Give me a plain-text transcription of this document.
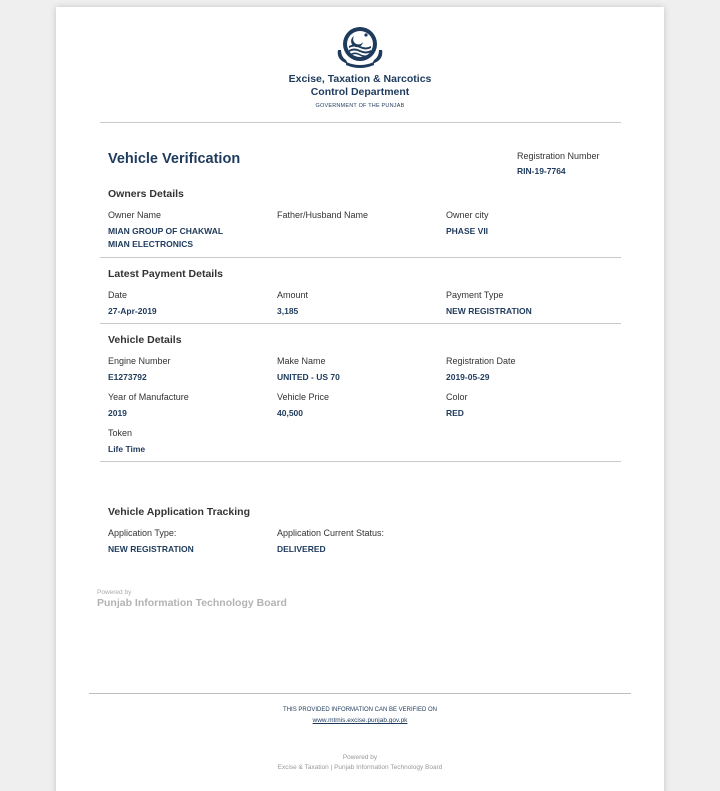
Excise, Taxation & Narcotics
Control Department
GOVERNMENT OF THE PUNJAB
Vehicle Verification	Registration Number
RIN-19-7764
Owners Details
Owner Name
MIAN GROUP OF CHAKWAL
MIAN ELECTRONICS
Father/Husband Name	Owner city
PHASE VII
Latest Payment Details
Date
27-Apr-2019
Amount
3,185
Payment Type
NEW REGISTRATION
Vehicle Details
Engine Number
E1273792
Make Name
UNITED - US 70
Registration Date
2019-05-29
Year of Manufacture
2019
Vehicle Price
40,500
Color
RED
Token
Life Time
Vehicle Application Tracking
Application Type:
NEW REGISTRATION
Application Current Status:
DELIVERED
Powered by
Punjab Information Technology Board
THIS PROVIDED INFORMATION CAN BE VERIFIED ON
www.mtmis.excise.punjab.gov.pk
Powered by
Excise & Taxation | Punjab Information Technology Board
